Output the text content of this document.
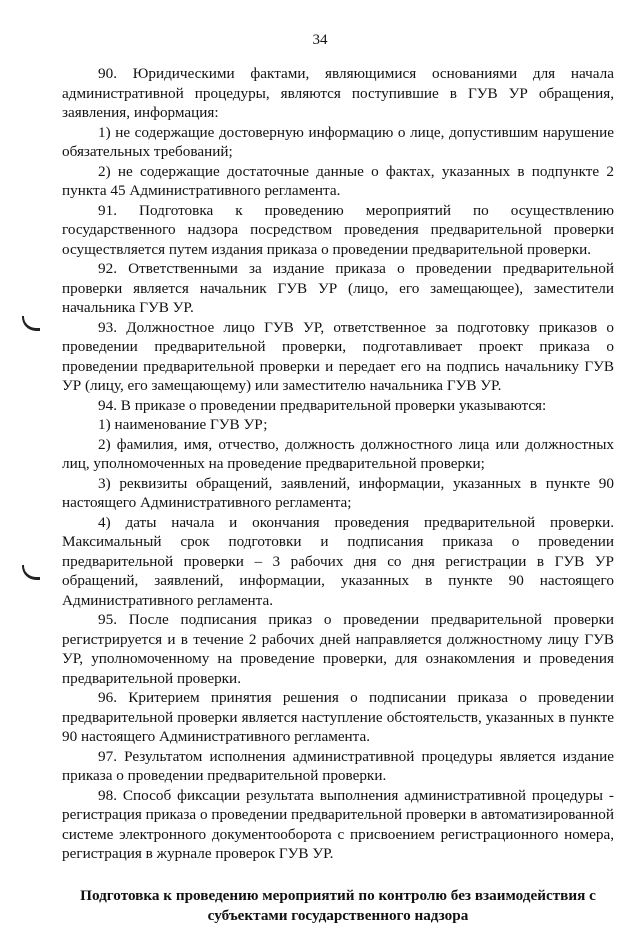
34

90. Юридическими фактами, являющимися основаниями для начала административной процедуры, являются поступившие в ГУВ УР обращения, заявления, информация:

1) не содержащие достоверную информацию о лице, допустившим нарушение обязательных требований;

2) не содержащие достаточные данные о фактах, указанных в подпункте 2 пункта 45 Административного регламента.

91. Подготовка к проведению мероприятий по осуществлению государственного надзора посредством проведения предварительной проверки осуществляется путем издания приказа о проведении предварительной проверки.

92. Ответственными за издание приказа о проведении предварительной проверки является начальник ГУВ УР (лицо, его замещающее), заместители начальника ГУВ УР.

93. Должностное лицо ГУВ УР, ответственное за подготовку приказов о проведении предварительной проверки, подготавливает проект приказа о проведении предварительной проверки и передает его на подпись начальнику ГУВ УР (лицу, его замещающему) или заместителю начальника ГУВ УР.

94. В приказе о проведении предварительной проверки указываются:

1) наименование ГУВ УР;

2) фамилия, имя, отчество, должность должностного лица или должностных лиц, уполномоченных на проведение предварительной проверки;

3) реквизиты обращений, заявлений, информации, указанных в пункте 90 настоящего Административного регламента;

4) даты начала и окончания проведения предварительной проверки. Максимальный срок подготовки и подписания приказа о проведении предварительной проверки – 3 рабочих дня со дня регистрации в ГУВ УР обращений, заявлений, информации, указанных в пункте 90 настоящего Административного регламента.

95. После подписания приказ о проведении предварительной проверки регистрируется и в течение 2 рабочих дней направляется должностному лицу ГУВ УР, уполномоченному на проведение проверки, для ознакомления и проведения предварительной проверки.

96. Критерием принятия решения о подписании приказа о проведении предварительной проверки является наступление обстоятельств, указанных в пункте 90 настоящего Административного регламента.

97. Результатом исполнения административной процедуры является издание приказа о проведении предварительной проверки.

98. Способ фиксации результата выполнения административной процедуры - регистрация приказа о проведении предварительной проверки в автоматизированной системе электронного документооборота с присвоением регистрационного номера, регистрация в журнале проверок ГУВ УР.

Подготовка к проведению мероприятий по контролю без взаимодействия с субъектами государственного надзора
